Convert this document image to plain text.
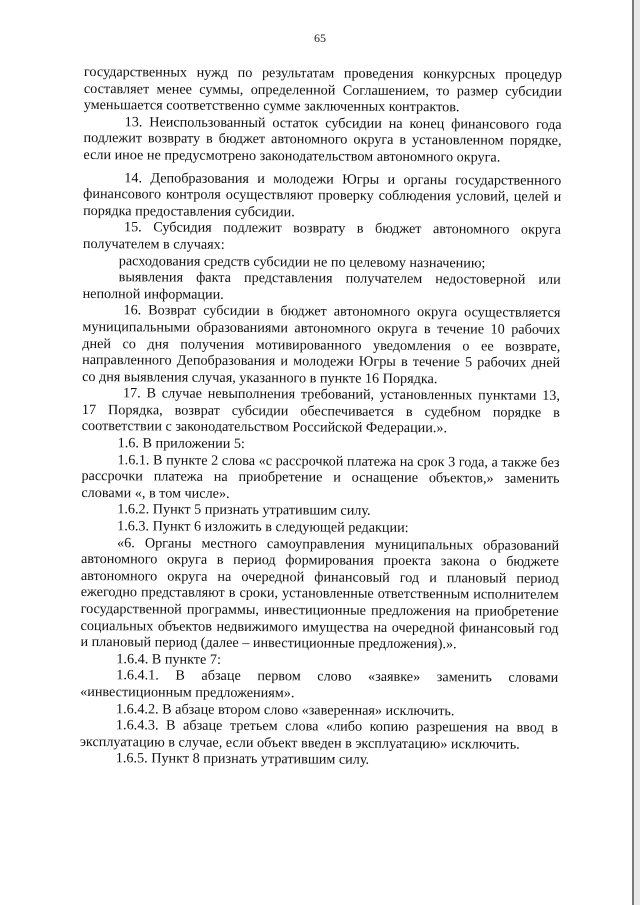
65

государственных нужд по результатам проведения конкурсных процедур составляет менее суммы, определенной Соглашением, то размер субсидии уменьшается соответственно сумме заключенных контрактов.

13. Неиспользованный остаток субсидии на конец финансового года подлежит возврату в бюджет автономного округа в установленном порядке, если иное не предусмотрено законодательством автономного округа.

14. Депобразования и молодежи Югры и органы государственного финансового контроля осуществляют проверку соблюдения условий, целей и порядка предоставления субсидии.

15. Субсидия подлежит возврату в бюджет автономного округа получателем в случаях:

расходования средств субсидии не по целевому назначению;

выявления факта представления получателем недостоверной или неполной информации.

16. Возврат субсидии в бюджет автономного округа осуществляется муниципальными образованиями автономного округа в течение 10 рабочих дней со дня получения мотивированного уведомления о ее возврате, направленного Депобразования и молодежи Югры в течение 5 рабочих дней со дня выявления случая, указанного в пункте 16 Порядка.

17. В случае невыполнения требований, установленных пунктами 13, 17 Порядка, возврат субсидии обеспечивается в судебном порядке в соответствии с законодательством Российской Федерации.».

1.6. В приложении 5:

1.6.1. В пункте 2 слова «с рассрочкой платежа на срок 3 года, а также без рассрочки платежа на приобретение и оснащение объектов,» заменить словами «, в том числе».

1.6.2. Пункт 5 признать утратившим силу.

1.6.3. Пункт 6 изложить в следующей редакции:

«6. Органы местного самоуправления муниципальных образований автономного округа в период формирования проекта закона о бюджете автономного округа на очередной финансовый год и плановый период ежегодно представляют в сроки, установленные ответственным исполнителем государственной программы, инвестиционные предложения на приобретение социальных объектов недвижимого имущества на очередной финансовый год и плановый период (далее – инвестиционные предложения).».

1.6.4. В пункте 7:

1.6.4.1. В абзаце первом слово «заявке» заменить словами «инвестиционным предложениям».

1.6.4.2. В абзаце втором слово «заверенная» исключить.

1.6.4.3. В абзаце третьем слова «либо копию разрешения на ввод в эксплуатацию в случае, если объект введен в эксплуатацию» исключить.

1.6.5. Пункт 8 признать утратившим силу.
